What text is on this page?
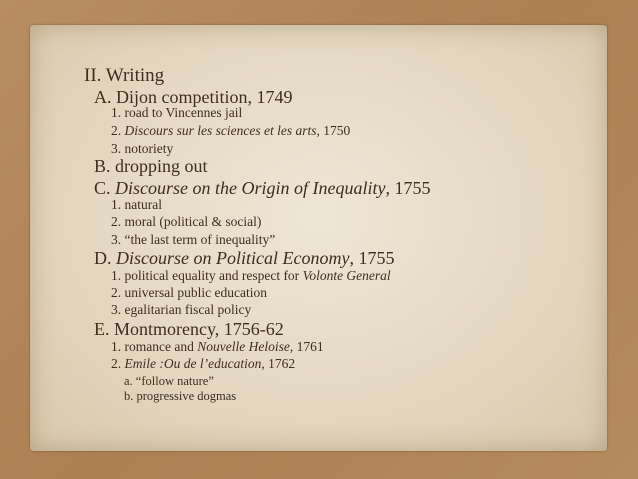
II. Writing
A. Dijon competition, 1749
1. road to Vincennes jail
2. Discours sur les sciences et les arts, 1750
3. notoriety
B. dropping out
C. Discourse on the Origin of Inequality, 1755
1. natural
2. moral (political & social)
3. “the last term of inequality”
D. Discourse on Political Economy, 1755
1. political equality and respect for Volonte General
2. universal public education
3. egalitarian fiscal policy
E. Montmorency, 1756-62
1. romance and Nouvelle Heloise, 1761
2. Emile :Ou de l’education, 1762
a. “follow nature”
b. progressive dogmas
